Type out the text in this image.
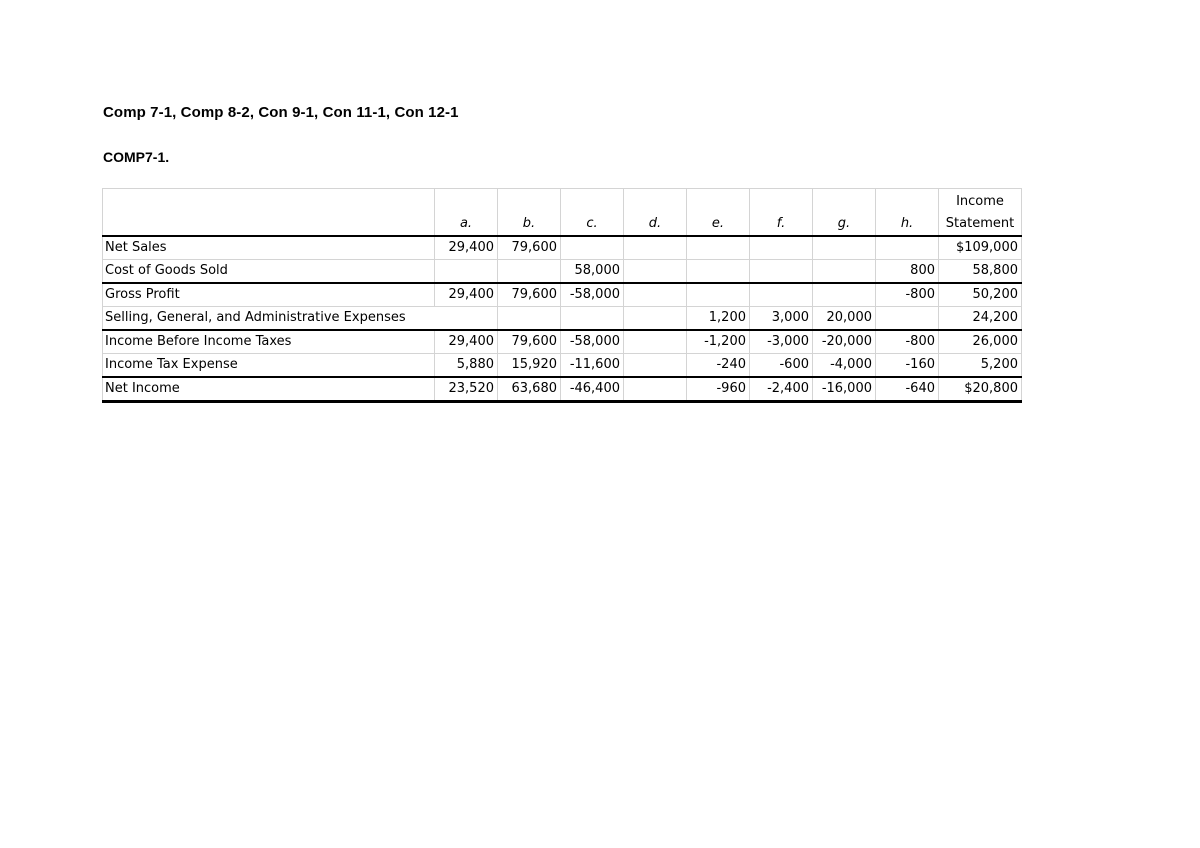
Comp 7-1, Comp 8-2, Con 9-1, Con 11-1, Con 12-1
COMP7-1.
	a.	b.	c.	d.	e.	f.	g.	h.	Income
Statement

Net Sales	29,400	79,600							$109,000
Cost of Goods Sold			58,000					800	58,800
Gross Profit	29,400	79,600	-58,000					-800	50,200
Selling, General, and Administrative Expenses					1,200	3,000	20,000		24,200
Income Before Income Taxes	29,400	79,600	-58,000		-1,200	-3,000	-20,000	-800	26,000
Income Tax Expense	5,880	15,920	-11,600		-240	-600	-4,000	-160	5,200
Net Income	23,520	63,680	-46,400		-960	-2,400	-16,000	-640	$20,800
